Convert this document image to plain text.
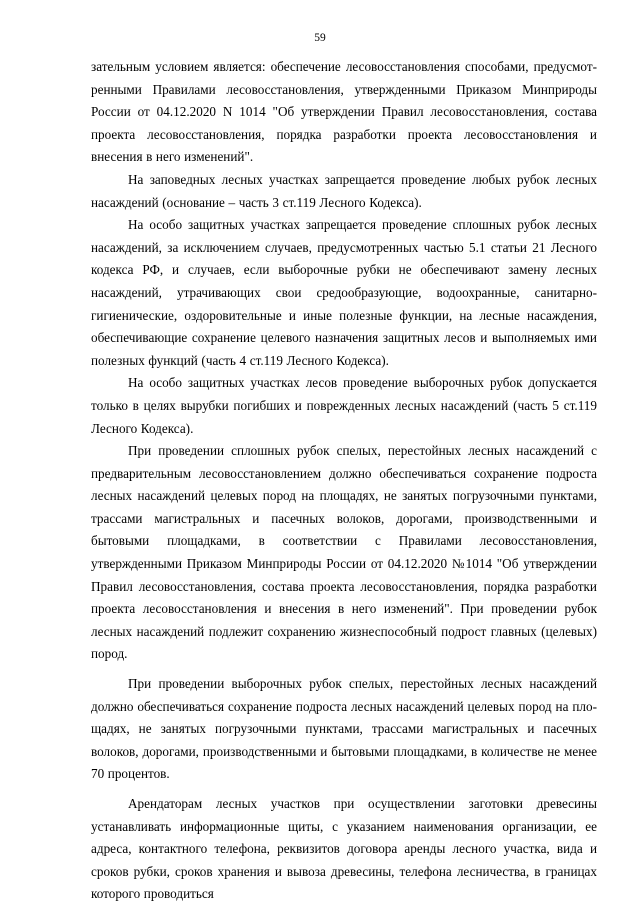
59

зательным условием является: обеспечение лесовосстановления способами, предусмотренными Правилами лесовосстановления, утвержденными Приказом Минприроды России от 04.12.2020 N 1014 "Об утверждении Правил лесовосстановления, состава проекта лесовосстановления, порядка разработки проекта лесовосстановления и внесения в него изменений".

На заповедных лесных участках запрещается проведение любых рубок лесных насаждений (основание – часть 3 ст.119 Лесного Кодекса).

На особо защитных участках запрещается проведение сплошных рубок лесных насаждений, за исключением случаев, предусмотренных частью 5.1 статьи 21 Лесного кодекса РФ, и случаев, если выборочные рубки не обеспечивают замену лесных насаждений, утрачивающих свои средообразующие, водоохранные, санитарно-гигиенические, оздоровительные и иные полезные функции, на лесные насаждения, обеспечивающие сохранение целевого назначения защитных лесов и выполняемых ими полезных функций (часть 4 ст.119 Лесного Кодекса).

На особо защитных участках лесов проведение выборочных рубок допускается только в целях вырубки погибших и поврежденных лесных насаждений (часть 5 ст.119 Лесного Кодекса).

При проведении сплошных рубок спелых, перестойных лесных насаждений с предварительным лесовосстановлением должно обеспечиваться сохранение подроста лесных насаждений целевых пород на площадях, не занятых погрузочными пунктами, трассами магистральных и пасечных волоков, дорогами, производственными и бытовыми площадками, в соответствии с Правилами лесовосстановления, утвержденными Приказом Минприроды России от 04.12.2020 №1014 "Об утверждении Правил лесовосстановления, состава проекта лесовосстановления, порядка разработки проекта лесовосстановления и внесения в него изменений". При проведении рубок лесных насаждений подлежит сохранению жизнеспособный подрост главных (целевых) пород.

При проведении выборочных рубок спелых, перестойных лесных насаждений должно обеспечиваться сохранение подроста лесных насаждений целевых пород на площадях, не занятых погрузочными пунктами, трассами магистральных и пасечных волоков, дорогами, производственными и бытовыми площадками, в количестве не менее 70 процентов.

Арендаторам лесных участков при осуществлении заготовки древесины устанавливать информационные щиты, с указанием наименования организации, ее адреса, контактного телефона, реквизитов договора аренды лесного участка, вида и сроков рубки, сроков хранения и вывоза древесины, телефона лесничества, в границах которого проводиться
